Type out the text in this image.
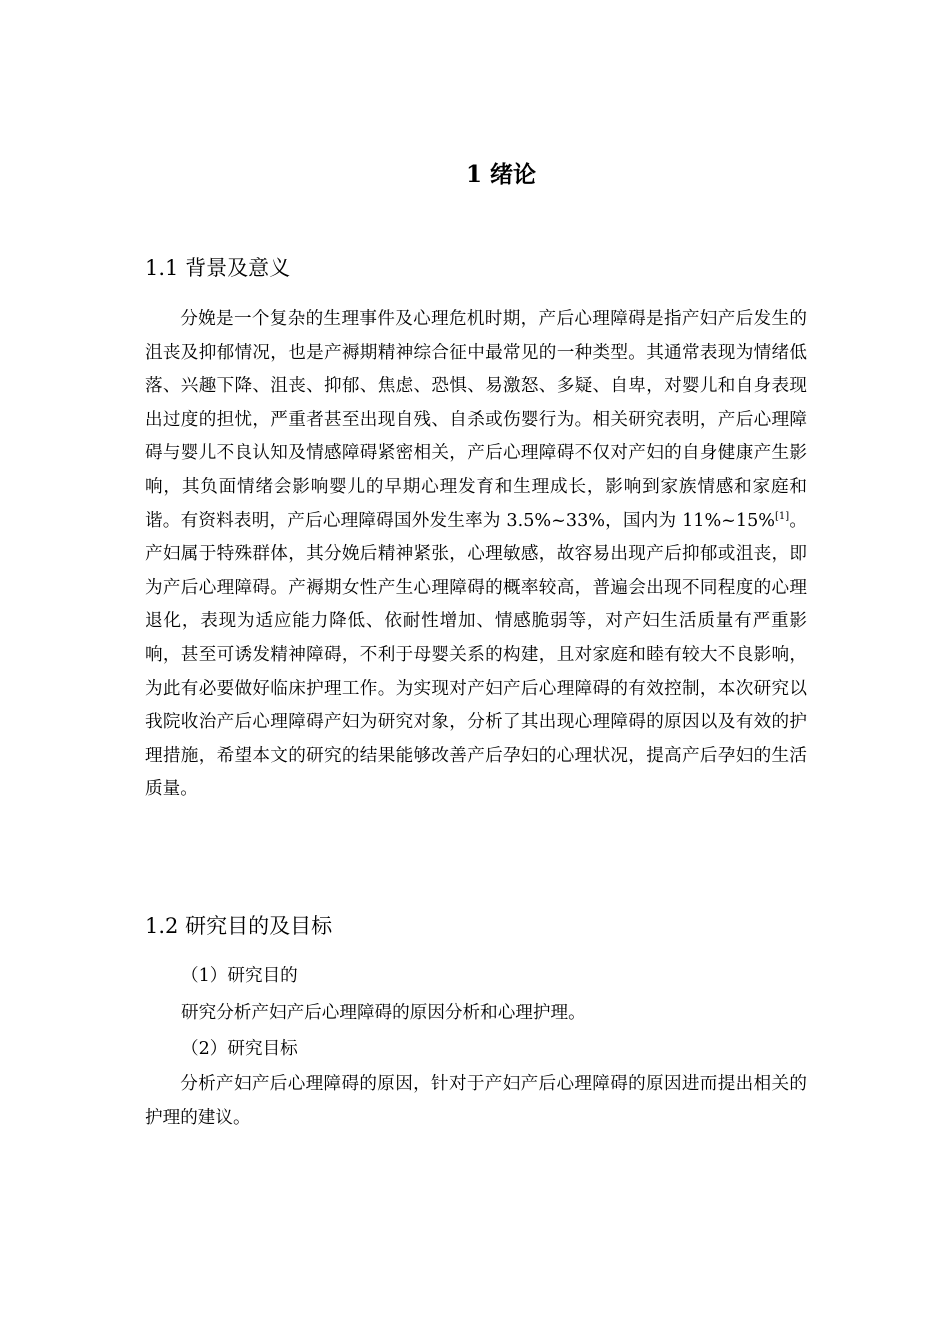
1 绪论
1.1 背景及意义

分娩是一个复杂的生理事件及心理危机时期，产后心理障碍是指产妇产后发生的沮丧及抑郁情况，也是产褥期精神综合征中最常见的一种类型。其通常表现为情绪低落、兴趣下降、沮丧、抑郁、焦虑、恐惧、易激怒、多疑、自卑，对婴儿和自身表现出过度的担忧，严重者甚至出现自残、自杀或伤婴行为。相关研究表明，产后心理障碍与婴儿不良认知及情感障碍紧密相关，产后心理障碍不仅对产妇的自身健康产生影响，其负面情绪会影响婴儿的早期心理发育和生理成长，影响到家族情感和家庭和谐。有资料表明，产后心理障碍国外发生率为 3.5%~33%，国内为 11%~15%[1]。产妇属于特殊群体，其分娩后精神紧张，心理敏感，故容易出现产后抑郁或沮丧，即为产后心理障碍。产褥期女性产生心理障碍的概率较高，普遍会出现不同程度的心理退化，表现为适应能力降低、依耐性增加、情感脆弱等，对产妇生活质量有严重影响，甚至可诱发精神障碍，不利于母婴关系的构建，且对家庭和睦有较大不良影响，为此有必要做好临床护理工作。为实现对产妇产后心理障碍的有效控制，本次研究以我院收治产后心理障碍产妇为研究对象，分析了其出现心理障碍的原因以及有效的护理措施，希望本文的研究的结果能够改善产后孕妇的心理状况，提高产后孕妇的生活质量。

1.2 研究目的及目标
（1）研究目的
研究分析产妇产后心理障碍的原因分析和心理护理。
（2）研究目标

分析产妇产后心理障碍的原因，针对于产妇产后心理障碍的原因进而提出相关的护理的建议。
